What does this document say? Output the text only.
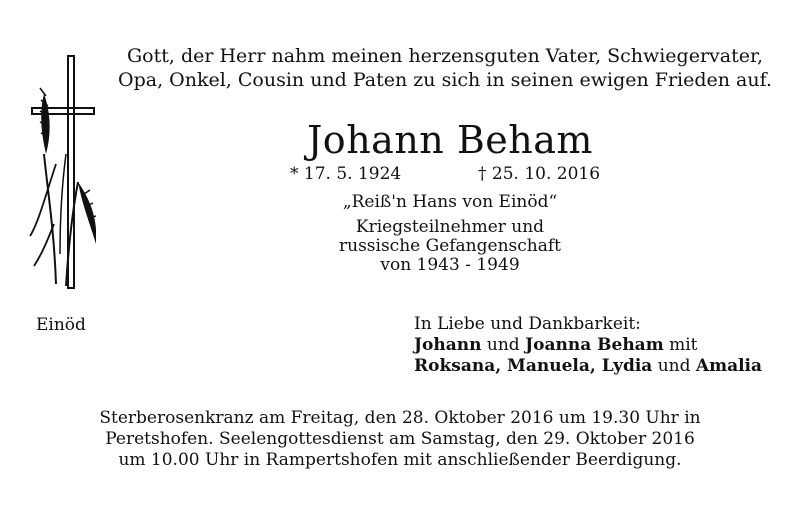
Gott, der Herr nahm meinen herzensguten Vater, Schwiegervater,
Opa, Onkel, Cousin und Paten zu sich in seinen ewigen Frieden auf.
Johann Beham
* 17. 5. 1924	† 25. 10. 2016
„Reiß'n Hans von Einöd“
Kriegsteilnehmer und
russische Gefangenschaft
von 1943 - 1949
Einöd	In Liebe und Dankbarkeit:
Johann und Joanna Beham mit
Roksana, Manuela, Lydia und Amalia
Sterberosenkranz am Freitag, den 28. Oktober 2016 um 19.30 Uhr in
Peretshofen. Seelengottesdienst am Samstag, den 29. Oktober 2016
um 10.00 Uhr in Rampertshofen mit anschließender Beerdigung.
